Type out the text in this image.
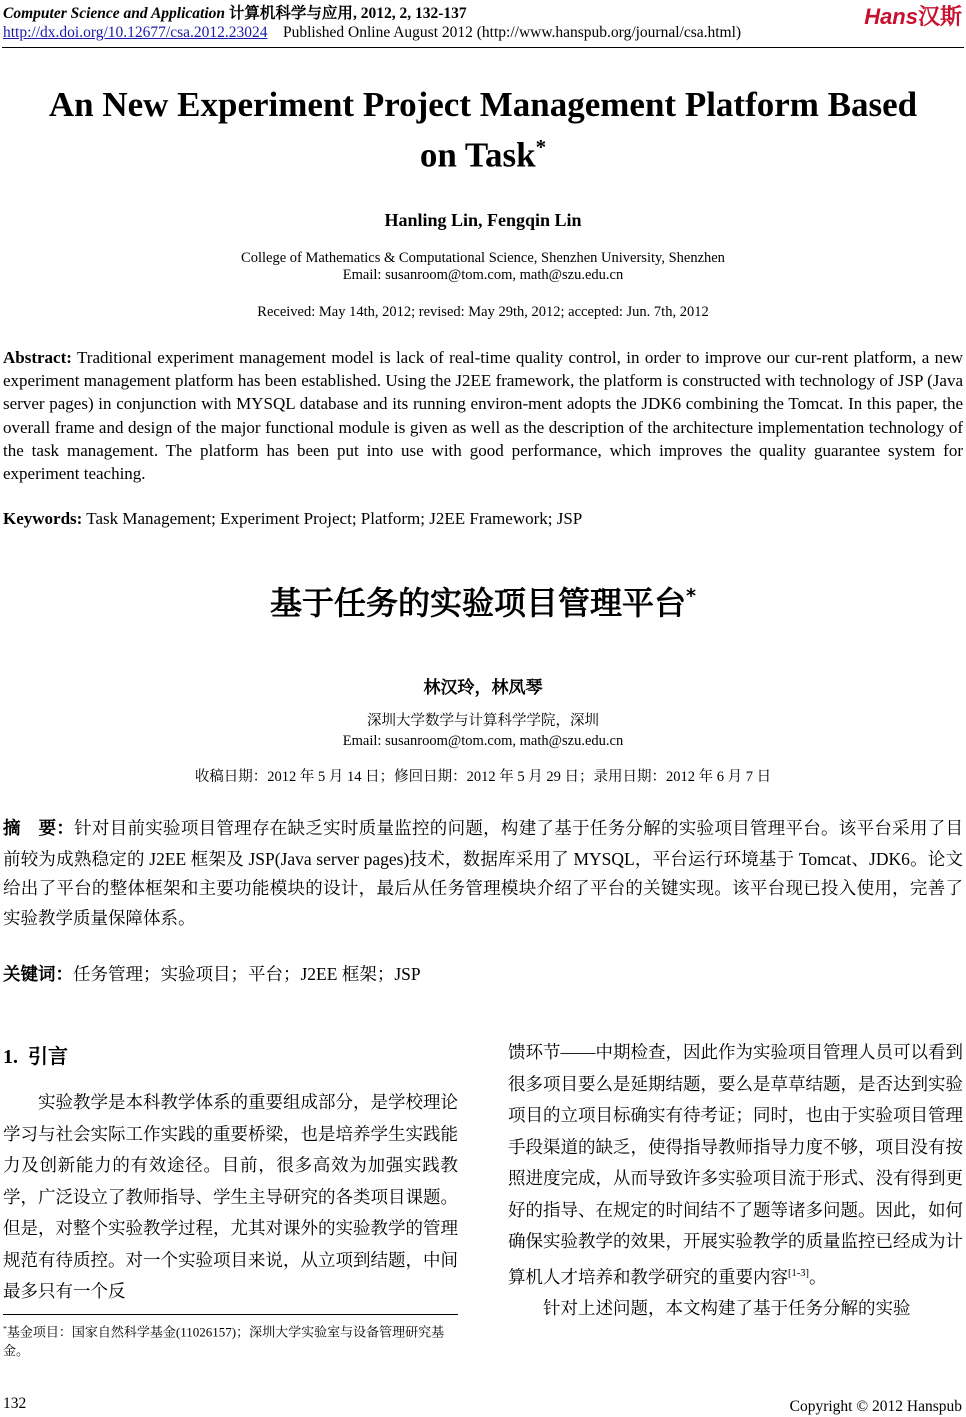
Computer Science and Application 计算机科学与应用, 2012, 2, 132-137
http://dx.doi.org/10.12677/csa.2012.23024 Published Online August 2012 (http://www.hanspub.org/journal/csa.html)
Hans汉斯
An New Experiment Project Management Platform Based
on Task*
Hanling Lin, Fengqin Lin
College of Mathematics & Computational Science, Shenzhen University, Shenzhen
Email: susanroom@tom.com, math@szu.edu.cn
Received: May 14th, 2012; revised: May 29th, 2012; accepted: Jun. 7th, 2012
Abstract: Traditional experiment management model is lack of real-time quality control, in order to improve our cur-rent platform, a new experiment management platform has been established. Using the J2EE framework, the platform is constructed with technology of JSP (Java server pages) in conjunction with MYSQL database and its running environ-ment adopts the JDK6 combining the Tomcat. In this paper, the overall frame and design of the major functional module is given as well as the description of the architecture implementation technology of the task management. The platform has been put into use with good performance, which improves the quality guarantee system for experiment teaching.
Keywords: Task Management; Experiment Project; Platform; J2EE Framework; JSP
基于任务的实验项目管理平台*
林汉玲，林凤琴
深圳大学数学与计算科学学院，深圳
Email: susanroom@tom.com, math@szu.edu.cn
收稿日期：2012 年 5 月 14 日；修回日期：2012 年 5 月 29 日；录用日期：2012 年 6 月 7 日
摘　要：针对目前实验项目管理存在缺乏实时质量监控的问题，构建了基于任务分解的实验项目管理平台。该平台采用了目前较为成熟稳定的 J2EE 框架及 JSP(Java server pages)技术，数据库采用了 MYSQL，平台运行环境基于 Tomcat、JDK6。论文给出了平台的整体框架和主要功能模块的设计，最后从任务管理模块介绍了平台的关键实现。该平台现已投入使用，完善了实验教学质量保障体系。
关键词：任务管理；实验项目；平台；J2EE 框架；JSP
1. 引言
实验教学是本科教学体系的重要组成部分，是学校理论学习与社会实际工作实践的重要桥梁，也是培养学生实践能力及创新能力的有效途径。目前，很多高效为加强实践教学，广泛设立了教师指导、学生主导研究的各类项目课题。但是，对整个实验教学过程，尤其对课外的实验教学的管理规范有待质控。对一个实验项目来说，从立项到结题，中间最多只有一个反
馈环节——中期检查，因此作为实验项目管理人员可以看到很多项目要么是延期结题，要么是草草结题，是否达到实验项目的立项目标确实有待考证；同时，也由于实验项目管理手段渠道的缺乏，使得指导教师指导力度不够，项目没有按照进度完成，从而导致许多实验项目流于形式、没有得到更好的指导、在规定的时间结不了题等诸多问题。因此，如何确保实验教学的效果，开展实验教学的质量监控已经成为计算机人才培养和教学研究的重要内容[1-3]。
针对上述问题，本文构建了基于任务分解的实验
*基金项目：国家自然科学基金(11026157)；深圳大学实验室与设备管理研究基金。
132	Copyright © 2012 Hanspub
